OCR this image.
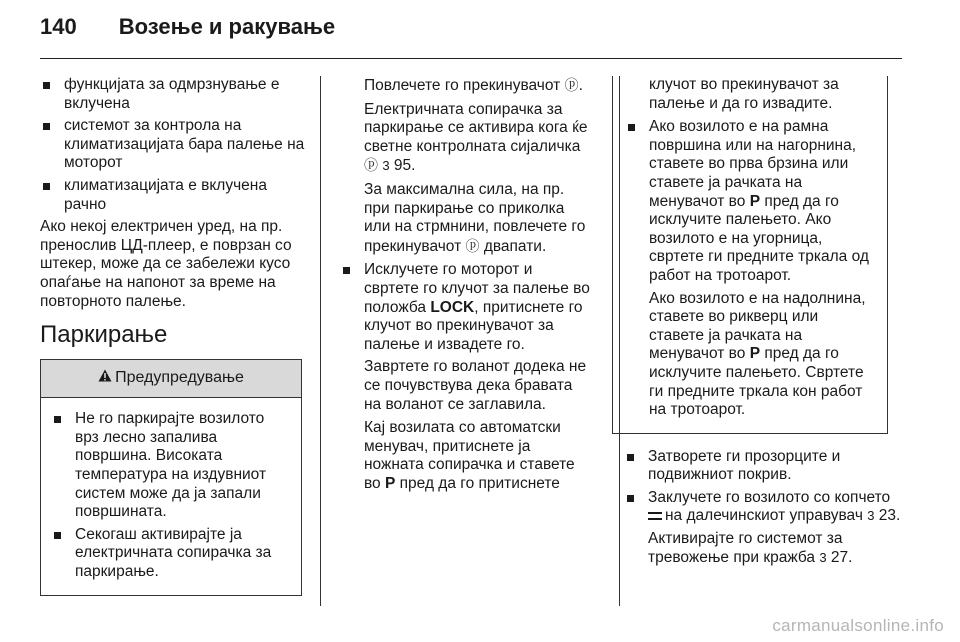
140 Возење и ракување
функцијата за одмрзнување е вклучена
системот за контрола на климатизацијата бара палење на моторот
климатизацијата е вклучена рачно

Ако некој електричен уред, на пр. пренослив ЦД-плеер, е поврзан со штекер, може да се забележи кусо опаѓање на напонот за време на повторното палење.

Паркирање
Предупредување
Не го паркирајте возилото врз лесно запалива површина. Високата температура на издувниот систем може да ја запали површината.
Секогаш активирајте ја електричната сопирачка за паркирање.

Повлечете го прекинувачот ⓟ.

Електричната сопирачка за паркирање се активира кога ќе светне контролната сијаличка ⓟ 3 95.

За максимална сила, на пр. при паркирање со приколка или на стрмнини, повлечете го прекинувачот ⓟ двапати.

Исклучете го моторот и свртете го клучот за палење во положба LOCK, притиснете го клучот во прекинувачот за палење и извадете го.

Завртете го воланот додека не се почувствува дека бравата на воланот се заглавила.

Кај возилата со автоматски менувач, притиснете ја ножната сопирачка и ставете во P пред да го притиснете

клучот во прекинувачот за палење и да го извадите.

Ако возилото е на рамна површина или на нагорнина, ставете во прва брзина или ставете ја рачката на менувачот во P пред да го исклучите палењето. Ако возилото е на угорница, свртете ги предните тркала од работ на тротоарот.

Ако возилото е на надолнина, ставете во рикверц или ставете ја рачката на менувачот во P пред да го исклучите палењето. Свртете ги предните тркала кон работ на тротоарот.

Затворете ги прозорците и подвижниот покрив.
Заклучете го возилото со копчето на далечинскиот управувач 3 23.

Активирајте го системот за тревожење при кражба 3 27.

carmanualsonline.info
